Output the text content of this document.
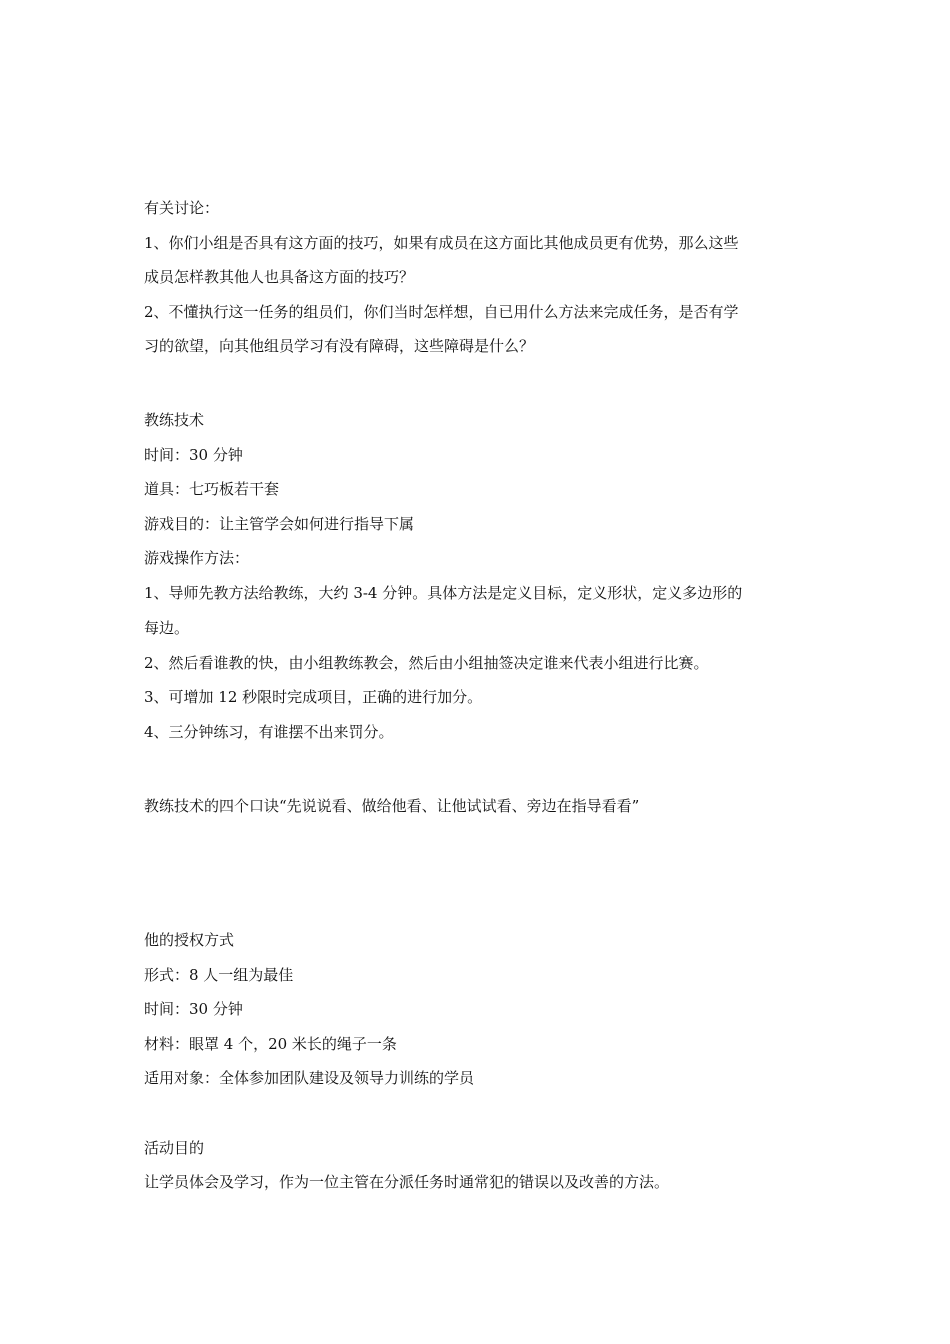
有关讨论：
1、你们小组是否具有这方面的技巧，如果有成员在这方面比其他成员更有优势，那么这些
成员怎样教其他人也具备这方面的技巧？
2、不懂执行这一任务的组员们，你们当时怎样想，自已用什么方法来完成任务，是否有学
习的欲望，向其他组员学习有没有障碍，这些障碍是什么？
教练技术
时间：30 分钟
道具：七巧板若干套
游戏目的：让主管学会如何进行指导下属
游戏操作方法：
1、导师先教方法给教练，大约 3-4 分钟。具体方法是定义目标，定义形状，定义多边形的
每边。
2、然后看谁教的快，由小组教练教会，然后由小组抽签决定谁来代表小组进行比赛。
3、可增加 12 秒限时完成项目，正确的进行加分。
4、三分钟练习，有谁摆不出来罚分。
教练技术的四个口诀“先说说看、做给他看、让他试试看、旁边在指导看看”
他的授权方式
形式：8 人一组为最佳
时间：30 分钟
材料：眼罩 4 个，20 米长的绳子一条
适用对象：全体参加团队建设及领导力训练的学员
活动目的
让学员体会及学习，作为一位主管在分派任务时通常犯的错误以及改善的方法。
